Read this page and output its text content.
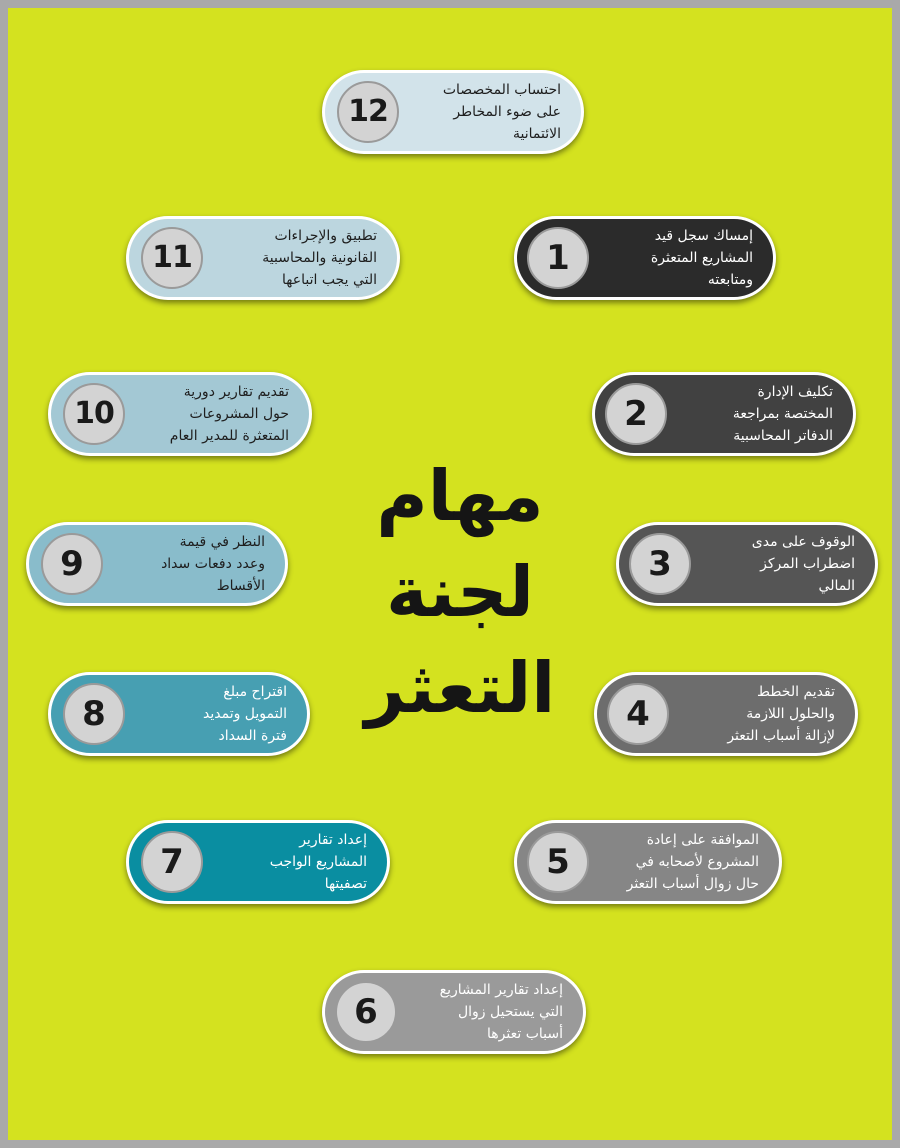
مهام
لجنة
التعثر
12
احتساب المخصصات
على ضوء المخاطر
الائتمانية
11
تطبيق والإجراءات
القانونية والمحاسبية
التي يجب اتباعها
1
إمساك سجل قيد
المشاريع المتعثرة
ومتابعته
10
تقديم تقارير دورية
حول المشروعات
المتعثرة للمدير العام
2
تكليف الإدارة
المختصة بمراجعة
الدفاتر المحاسبية
9
النظر في قيمة
وعدد دفعات سداد
الأقساط
3
الوقوف على مدى
اضطراب المركز
المالي
8
اقتراح مبلغ
التمويل وتمديد
فترة السداد
4
تقديم الخطط
والحلول اللازمة
لإزالة أسباب التعثر
7
إعداد تقارير
المشاريع الواجب
تصفيتها
5
الموافقة على إعادة
المشروع لأصحابه في
حال زوال أسباب التعثر
6
إعداد تقارير المشاريع
التي يستحيل زوال
أسباب تعثرها
